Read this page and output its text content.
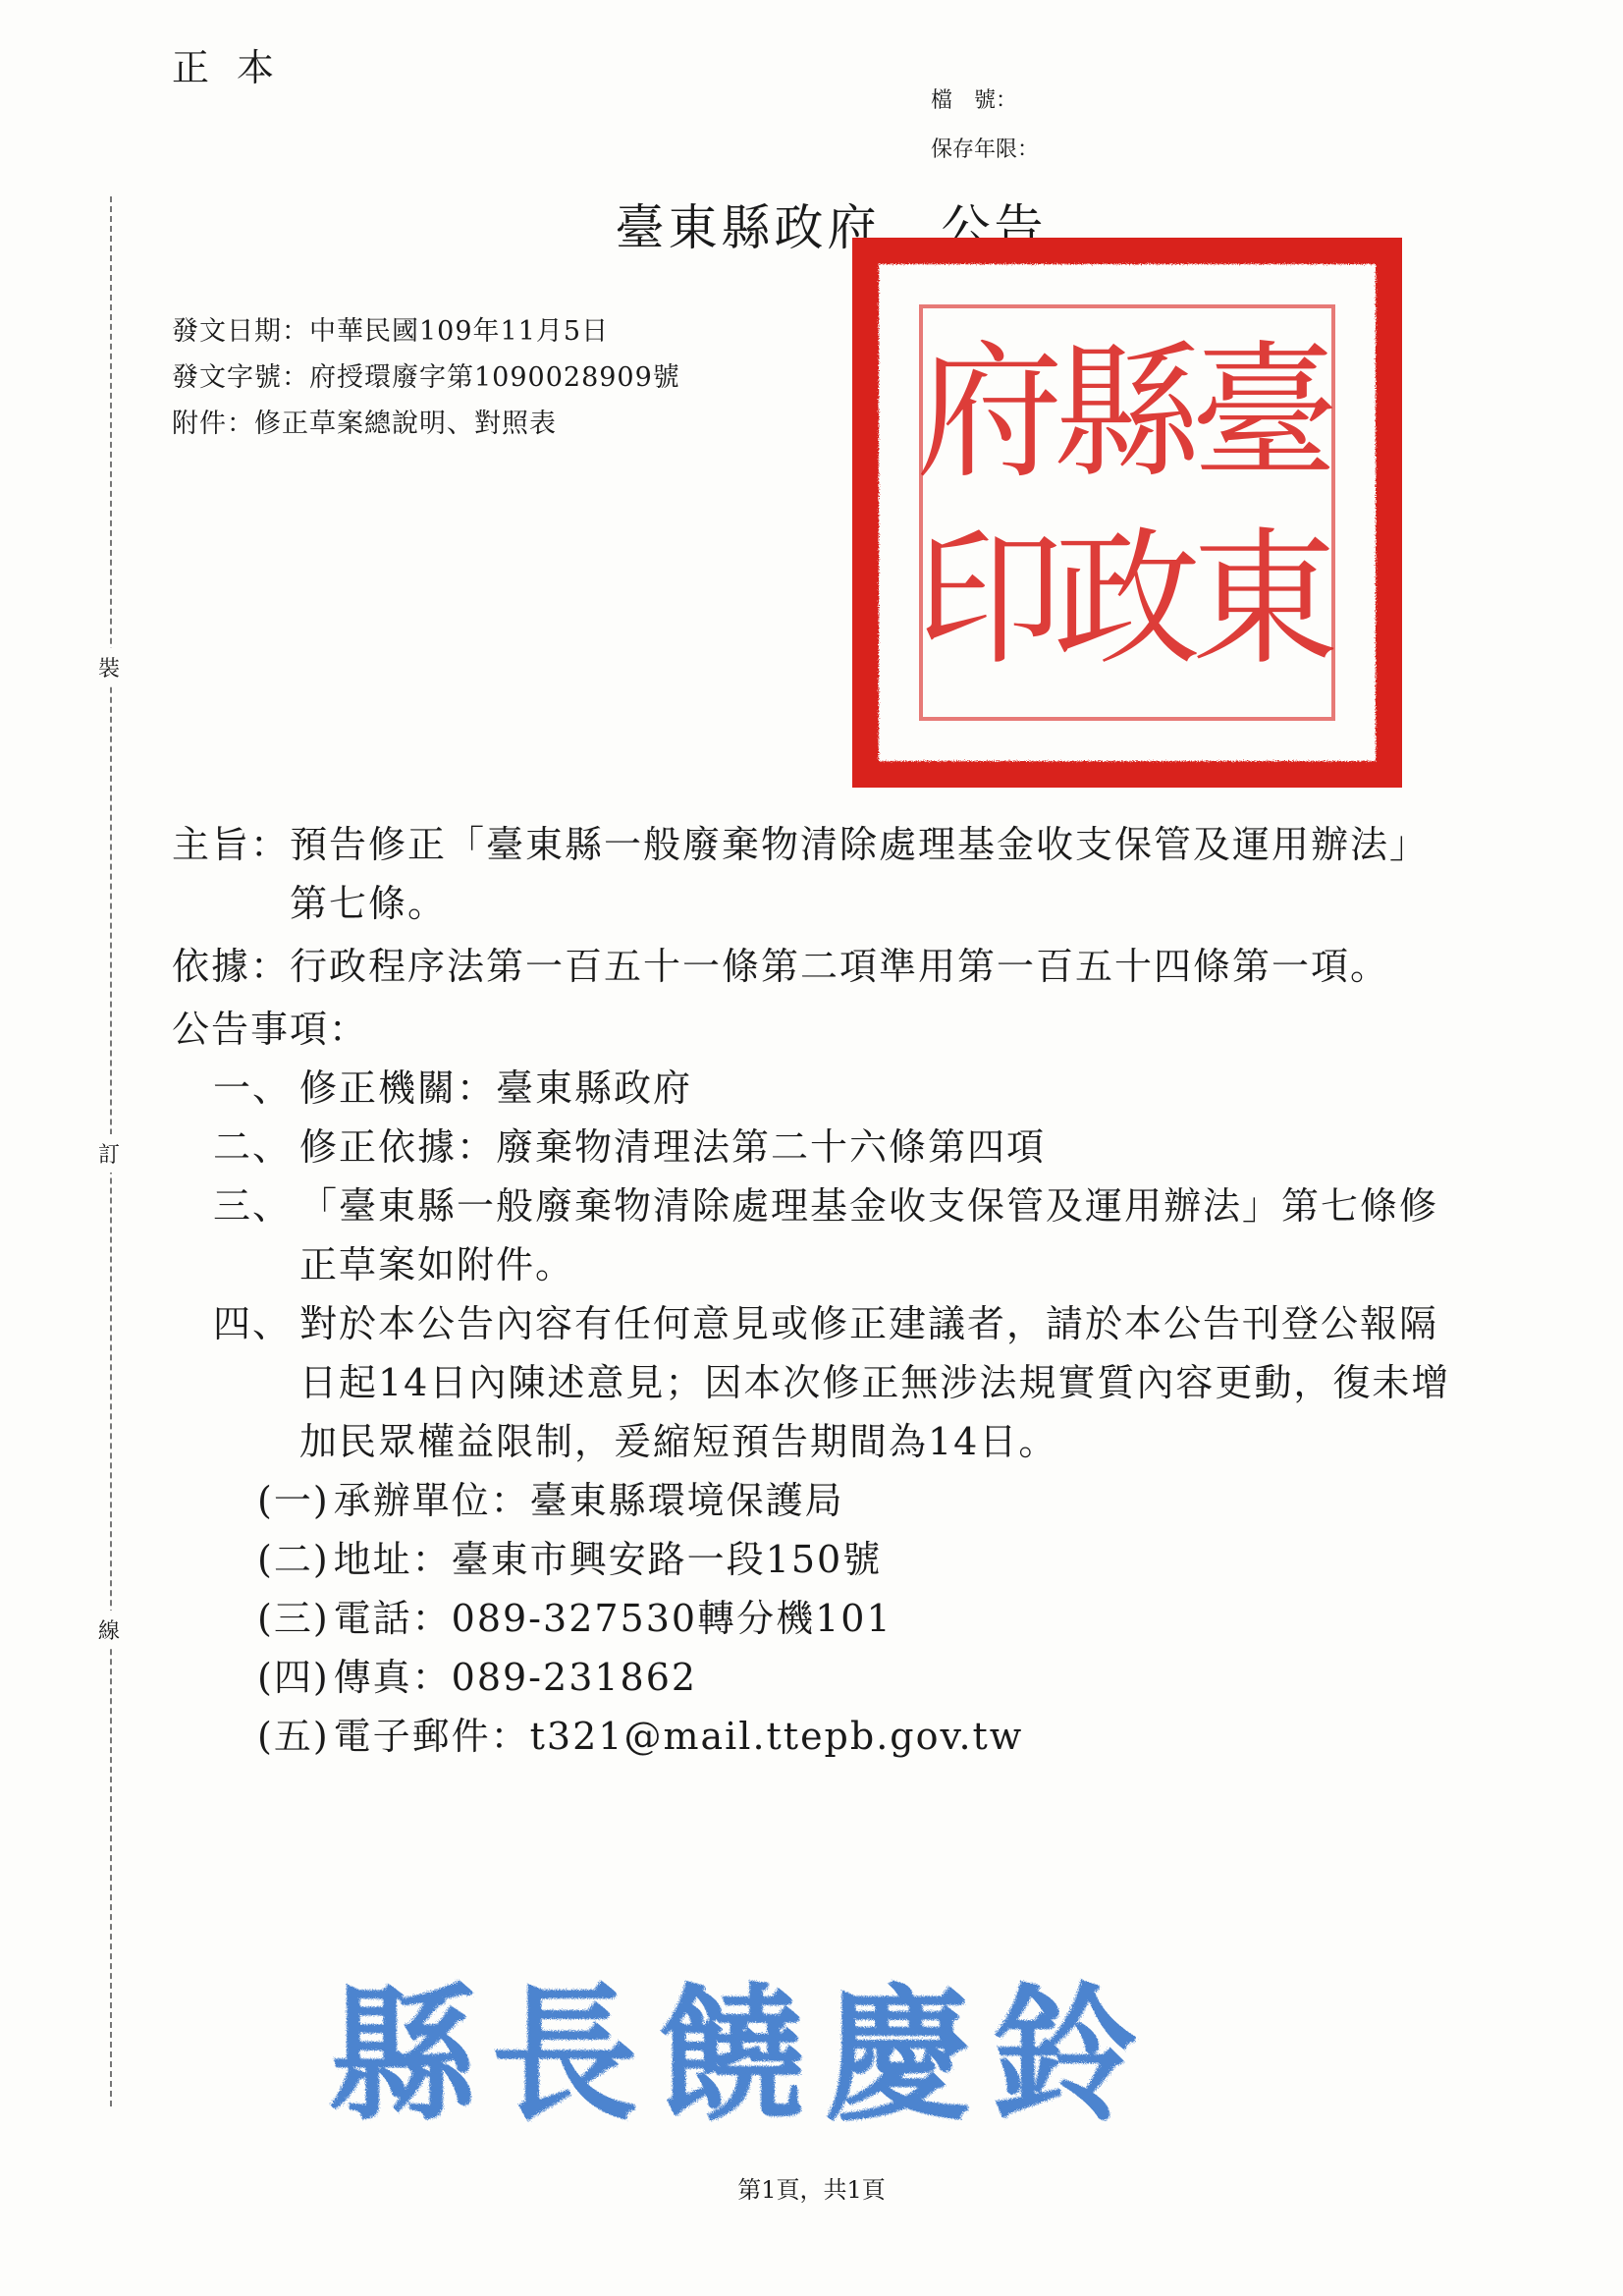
正本
檔　號：
保存年限：
臺東縣政府 公告
發文日期：中華民國109年11月5日
發文字號：府授環廢字第1090028909號
附件：修正草案總說明、對照表
裝
訂
線
臺
東
縣
政
府
印
主旨： 預告修正「臺東縣一般廢棄物清除處理基金收支保管及運用辦法」第七條。
依據： 行政程序法第一百五十一條第二項準用第一百五十四條第一項。
公告事項：
一、 修正機關：臺東縣政府
二、 修正依據：廢棄物清理法第二十六條第四項
三、 「臺東縣一般廢棄物清除處理基金收支保管及運用辦法」第七條修正草案如附件。
四、 對於本公告內容有任何意見或修正建議者，請於本公告刊登公報隔日起14日內陳述意見；因本次修正無涉法規實質內容更動，復未增加民眾權益限制，爰縮短預告期間為14日。
(一) 承辦單位：臺東縣環境保護局
(二) 地址：臺東市興安路一段150號
(三) 電話：089-327530轉分機101
(四) 傳真：089-231862
(五) 電子郵件：t321@mail.ttepb.gov.tw
縣 長 饒 慶 鈴
第1頁，共1頁
